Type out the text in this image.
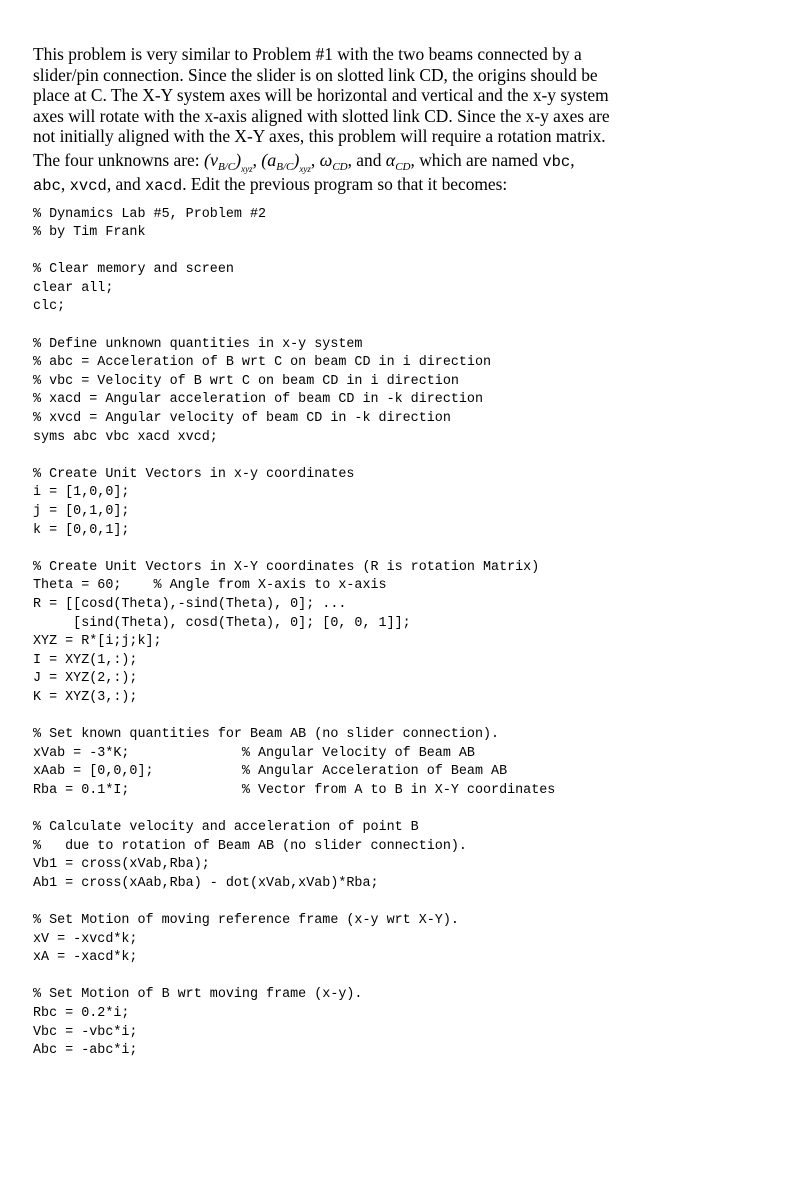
This problem is very similar to Problem #1 with the two beams connected by a
slider/pin connection. Since the slider is on slotted link CD, the origins should be
place at C. The X-Y system axes will be horizontal and vertical and the x-y system
axes will rotate with the x-axis aligned with slotted link CD. Since the x-y axes are
not initially aligned with the X-Y axes, this problem will require a rotation matrix.
The four unknowns are: $(v_{B/C})_{xyz}$, $(a_{B/C})_{xyz}$, $\omega_{CD}$, and $\alpha_{CD}$, which are named vbc,
abc, xvcd, and xacd. Edit the previous program so that it becomes:
% Dynamics Lab #5, Problem #2
% by Tim Frank
% Clear memory and screen
clear all;
clc;
% Define unknown quantities in x-y system
% abc = Acceleration of B wrt C on beam CD in i direction
% vbc = Velocity of B wrt C on beam CD in i direction
% xacd = Angular acceleration of beam CD in -k direction
% xvcd = Angular velocity of beam CD in -k direction
syms abc vbc xacd xvcd;
% Create Unit Vectors in x-y coordinates
i = [1,0,0];
j = [0,1,0];
k = [0,0,1];
% Create Unit Vectors in X-Y coordinates (R is rotation Matrix)
Theta = 60;    % Angle from X-axis to x-axis
R = [[cosd(Theta),-sind(Theta), 0]; ...
[sind(Theta), cosd(Theta), 0]; [0, 0, 1]];
XYZ = R*[i;j;k];
I = XYZ(1,:);
J = XYZ(2,:);
K = XYZ(3,:);
% Set known quantities for Beam AB (no slider connection).
xVab = -3*K;              % Angular Velocity of Beam AB
xAab = [0,0,0];           % Angular Acceleration of Beam AB
Rba = 0.1*I;              % Vector from A to B in X-Y coordinates
% Calculate velocity and acceleration of point B
%   due to rotation of Beam AB (no slider connection).
Vb1 = cross(xVab,Rba);
Ab1 = cross(xAab,Rba) - dot(xVab,xVab)*Rba;
% Set Motion of moving reference frame (x-y wrt X-Y).
xV = -xvcd*k;
xA = -xacd*k;
% Set Motion of B wrt moving frame (x-y).
Rbc = 0.2*i;
Vbc = -vbc*i;
Abc = -abc*i;
